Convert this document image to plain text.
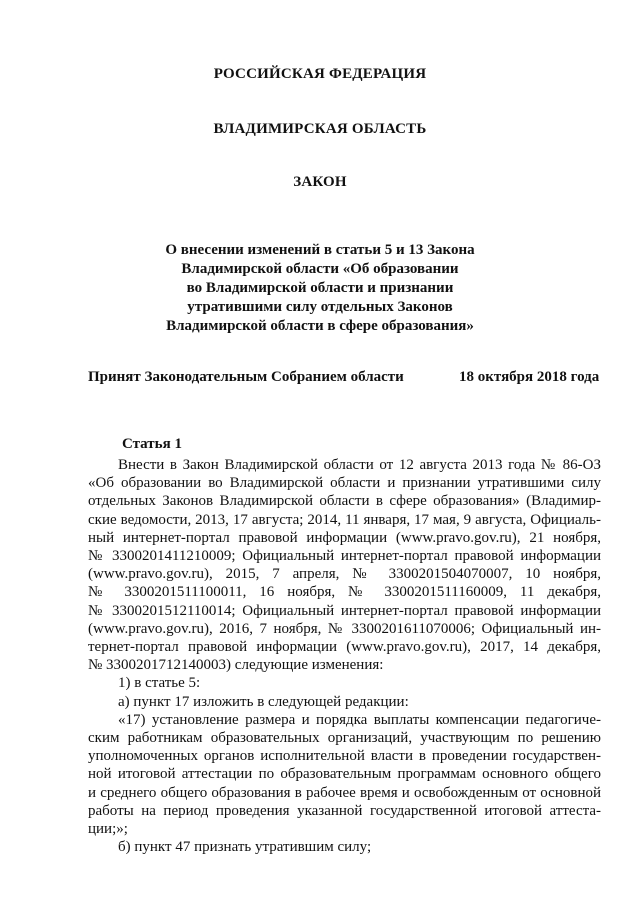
РОССИЙСКАЯ ФЕДЕРАЦИЯ
ВЛАДИМИРСКАЯ ОБЛАСТЬ
ЗАКОН
О внесении изменений в статьи 5 и 13 Закона
Владимирской области «Об образовании
во Владимирской области и признании
утратившими силу отдельных Законов
Владимирской области в сфере образования»
Принят Законодательным Собранием области	18 октября 2018 года
Статья 1
Внести в Закон Владимирской области от 12 августа 2013 года № 86-ОЗ
«Об образовании во Владимирской области и признании утратившими силу
отдельных Законов Владимирской области в сфере образования» (Владимир-
ские ведомости, 2013, 17 августа; 2014, 11 января, 17 мая, 9 августа, Официаль-
ный интернет-портал правовой информации (www.pravo.gov.ru), 21 ноября,
№ 3300201411210009; Официальный интернет-портал правовой информации
(www.pravo.gov.ru), 2015, 7 апреля, № 3300201504070007, 10 ноября,
№ 3300201511100011, 16 ноября, № 3300201511160009, 11 декабря,
№ 3300201512110014; Официальный интернет-портал правовой информации
(www.pravo.gov.ru), 2016, 7 ноября, № 3300201611070006; Официальный ин-
тернет-портал правовой информации (www.pravo.gov.ru), 2017, 14 декабря,
№ 3300201712140003) следующие изменения:
1) в статье 5:
а) пункт 17 изложить в следующей редакции:
«17) установление размера и порядка выплаты компенсации педагогиче-
ским работникам образовательных организаций, участвующим по решению
уполномоченных органов исполнительной власти в проведении государствен-
ной итоговой аттестации по образовательным программам основного общего
и среднего общего образования в рабочее время и освобожденным от основной
работы на период проведения указанной государственной итоговой аттеста-
ции;»;
б) пункт 47 признать утратившим силу;
